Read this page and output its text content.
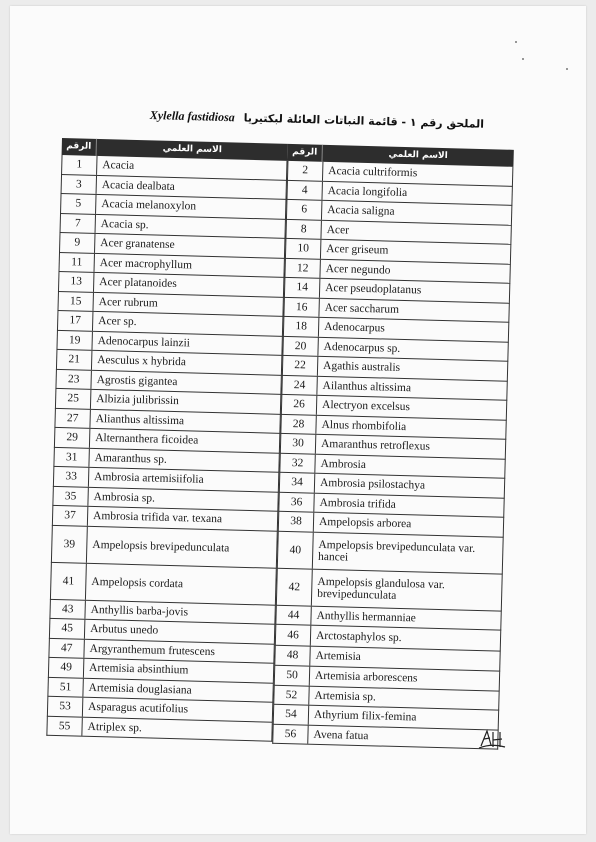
Xylella fastidiosa الملحق رقم ١ - قائمة النباتات العائلة لبكتيريا
الرقم	الاسم العلمي
1	Acacia
3	Acacia dealbata
5	Acacia melanoxylon
7	Acacia sp.
9	Acer granatense
11	Acer macrophyllum
13	Acer platanoides
15	Acer rubrum
17	Acer sp.
19	Adenocarpus lainzii
21	Aesculus x hybrida
23	Agrostis gigantea
25	Albizia julibrissin
27	Alianthus altissima
29	Alternanthera ficoidea
31	Amaranthus sp.
33	Ambrosia artemisiifolia
35	Ambrosia sp.
37	Ambrosia trifida var. texana
39	Ampelopsis brevipedunculata
41	Ampelopsis cordata
43	Anthyllis barba-jovis
45	Arbutus unedo
47	Argyranthemum frutescens
49	Artemisia absinthium
51	Artemisia douglasiana
53	Asparagus acutifolius
55	Atriplex sp.
الرقم	الاسم العلمي
2	Acacia cultriformis
4	Acacia longifolia
6	Acacia saligna
8	Acer
10	Acer griseum
12	Acer negundo
14	Acer pseudoplatanus
16	Acer saccharum
18	Adenocarpus
20	Adenocarpus sp.
22	Agathis australis
24	Ailanthus altissima
26	Alectryon excelsus
28	Alnus rhombifolia
30	Amaranthus retroflexus
32	Ambrosia
34	Ambrosia psilostachya
36	Ambrosia trifida
38	Ampelopsis arborea
40	Ampelopsis brevipedunculata var. hancei
42	Ampelopsis glandulosa var. brevipedunculata
44	Anthyllis hermanniae
46	Arctostaphylos sp.
48	Artemisia
50	Artemisia arborescens
52	Artemisia sp.
54	Athyrium filix-femina
56	Avena fatua
